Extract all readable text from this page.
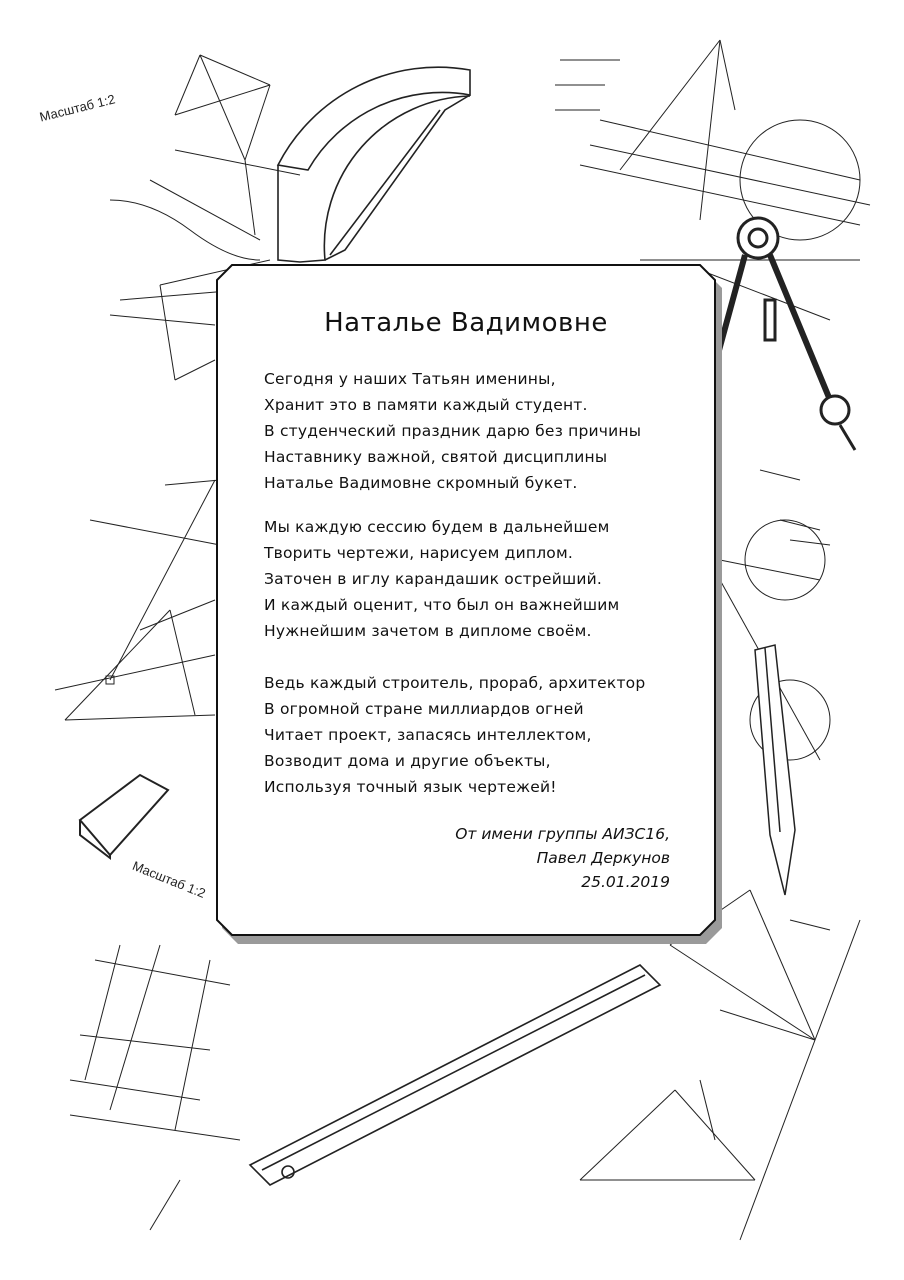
Масштаб 1:2
Масштаб 1:2
Наталье Вадимовне
Сегодня у наших Татьян именины,
Хранит это в памяти каждый студент.
В студенческий праздник дарю без причины
Наставнику важной, святой дисциплины
Наталье Вадимовне скромный букет.
Мы каждую сессию будем в дальнейшем
Творить чертежи, нарисуем диплом.
Заточен в иглу карандашик острейший.
И каждый оценит, что был он важнейшим
Нужнейшим зачетом в дипломе своём.
Ведь каждый строитель, прораб, архитектор
В огромной стране миллиардов огней
Читает проект, запасясь интеллектом,
Возводит дома и другие объекты,
Используя точный язык чертежей!
От имени группы АИЗС16,
Павел Деркунов
25.01.2019
